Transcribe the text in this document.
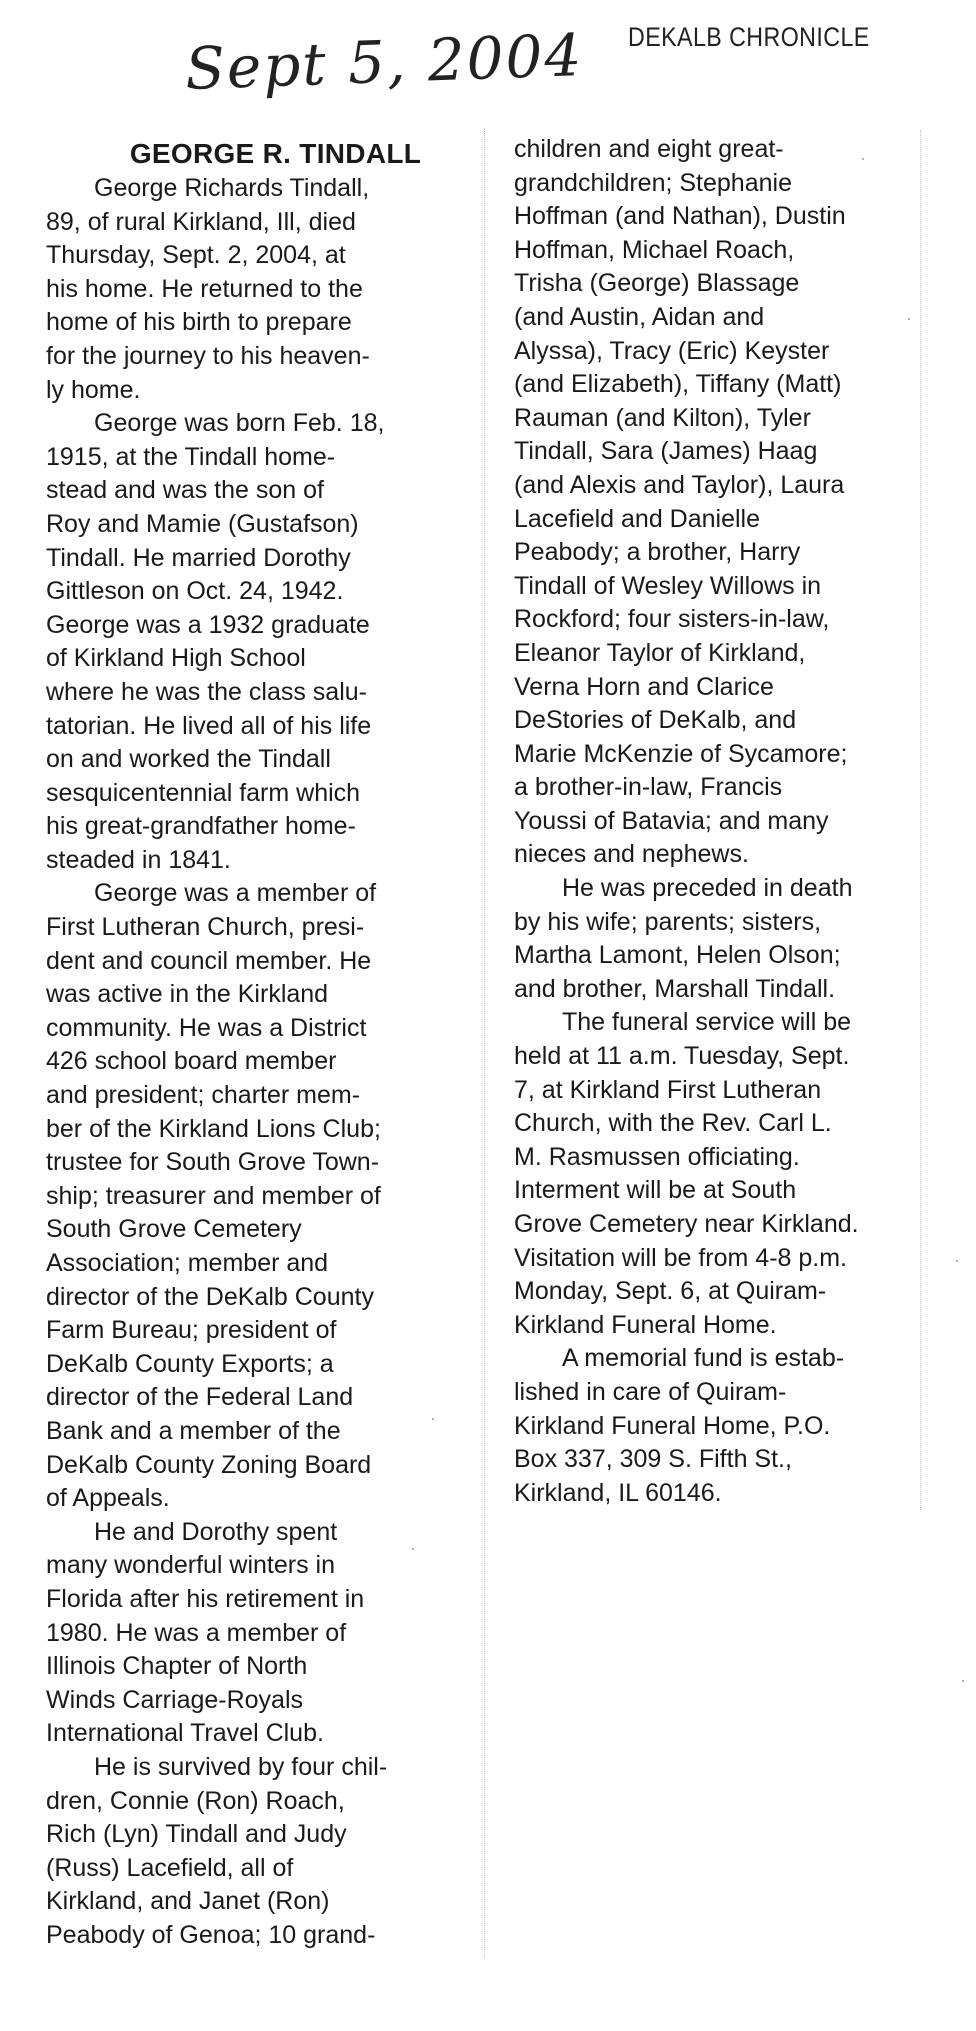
Sept 5, 2004 DEKALB CHRONICLE
GEORGE R. TINDALL
George Richards Tindall,
89, of rural Kirkland, Ill, died
Thursday, Sept. 2, 2004, at
his home. He returned to the
home of his birth to prepare
for the journey to his heaven-
ly home.
George was born Feb. 18,
1915, at the Tindall home-
stead and was the son of
Roy and Mamie (Gustafson)
Tindall. He married Dorothy
Gittleson on Oct. 24, 1942.
George was a 1932 graduate
of Kirkland High School
where he was the class salu-
tatorian. He lived all of his life
on and worked the Tindall
sesquicentennial farm which
his great-grandfather home-
steaded in 1841.
George was a member of
First Lutheran Church, presi-
dent and council member. He
was active in the Kirkland
community. He was a District
426 school board member
and president; charter mem-
ber of the Kirkland Lions Club;
trustee for South Grove Town-
ship; treasurer and member of
South Grove Cemetery
Association; member and
director of the DeKalb County
Farm Bureau; president of
DeKalb County Exports; a
director of the Federal Land
Bank and a member of the
DeKalb County Zoning Board
of Appeals.
He and Dorothy spent
many wonderful winters in
Florida after his retirement in
1980. He was a member of
Illinois Chapter of North
Winds Carriage-Royals
International Travel Club.
He is survived by four chil-
dren, Connie (Ron) Roach,
Rich (Lyn) Tindall and Judy
(Russ) Lacefield, all of
Kirkland, and Janet (Ron)
Peabody of Genoa; 10 grand-
children and eight great-
grandchildren; Stephanie
Hoffman (and Nathan), Dustin
Hoffman, Michael Roach,
Trisha (George) Blassage
(and Austin, Aidan and
Alyssa), Tracy (Eric) Keyster
(and Elizabeth), Tiffany (Matt)
Rauman (and Kilton), Tyler
Tindall, Sara (James) Haag
(and Alexis and Taylor), Laura
Lacefield and Danielle
Peabody; a brother, Harry
Tindall of Wesley Willows in
Rockford; four sisters-in-law,
Eleanor Taylor of Kirkland,
Verna Horn and Clarice
DeStories of DeKalb, and
Marie McKenzie of Sycamore;
a brother-in-law, Francis
Youssi of Batavia; and many
nieces and nephews.
He was preceded in death
by his wife; parents; sisters,
Martha Lamont, Helen Olson;
and brother, Marshall Tindall.
The funeral service will be
held at 11 a.m. Tuesday, Sept.
7, at Kirkland First Lutheran
Church, with the Rev. Carl L.
M. Rasmussen officiating.
Interment will be at South
Grove Cemetery near Kirkland.
Visitation will be from 4-8 p.m.
Monday, Sept. 6, at Quiram-
Kirkland Funeral Home.
A memorial fund is estab-
lished in care of Quiram-
Kirkland Funeral Home, P.O.
Box 337, 309 S. Fifth St.,
Kirkland, IL 60146.
